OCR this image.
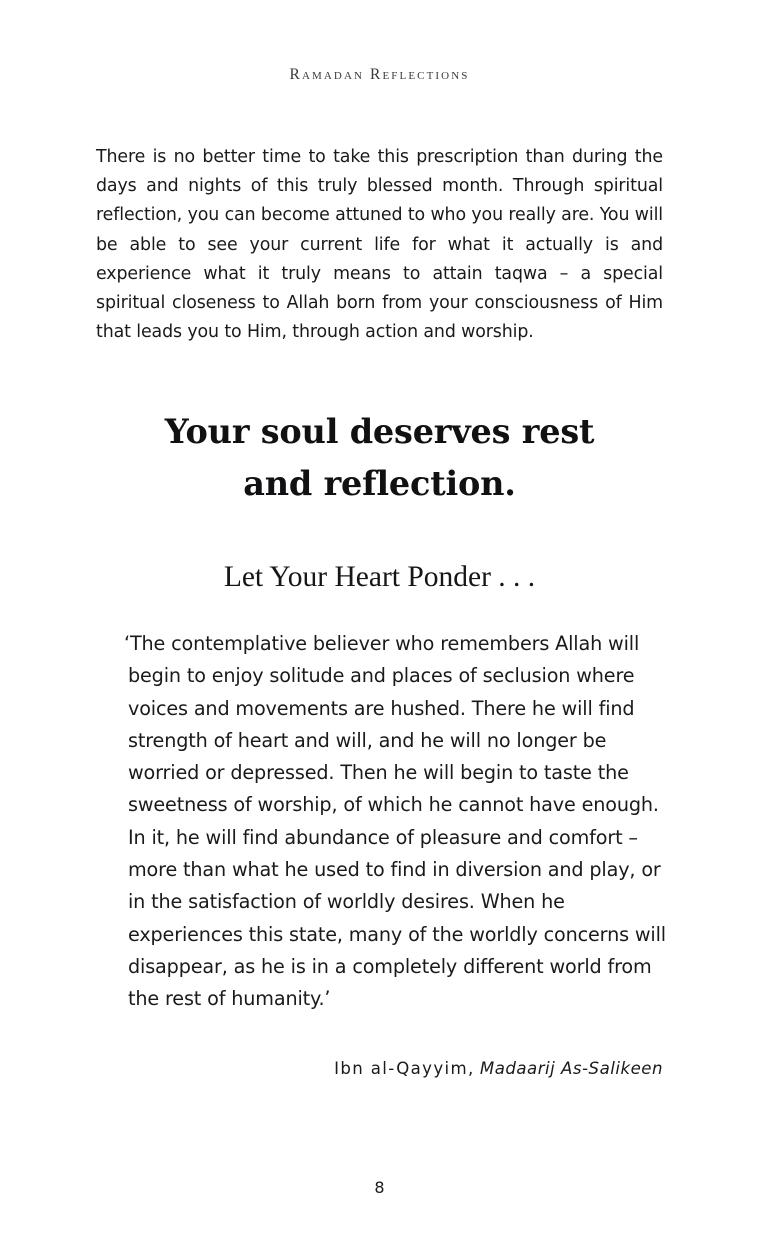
Ramadan Reflections

There is no better time to take this prescription than during the days and nights of this truly blessed month. Through spiritual reflection, you can become attuned to who you really are. You will be able to see your current life for what it actually is and experience what it truly means to attain taqwa – a special spiritual closeness to Allah born from your consciousness of Him that leads you to Him, through action and worship.

Your soul deserves rest
and reflection.
Let Your Heart Ponder . . .

‘The contemplative believer who remembers Allah will begin to enjoy solitude and places of seclusion where voices and movements are hushed. There he will find strength of heart and will, and he will no longer be worried or depressed. Then he will begin to taste the sweetness of worship, of which he cannot have enough. In it, he will find abundance of pleasure and comfort – more than what he used to find in diversion and play, or in the satisfaction of worldly desires. When he experiences this state, many of the worldly concerns will disappear, as he is in a completely different world from the rest of humanity.’

Ibn al-Qayyim, Madaarij As-Salikeen
8
